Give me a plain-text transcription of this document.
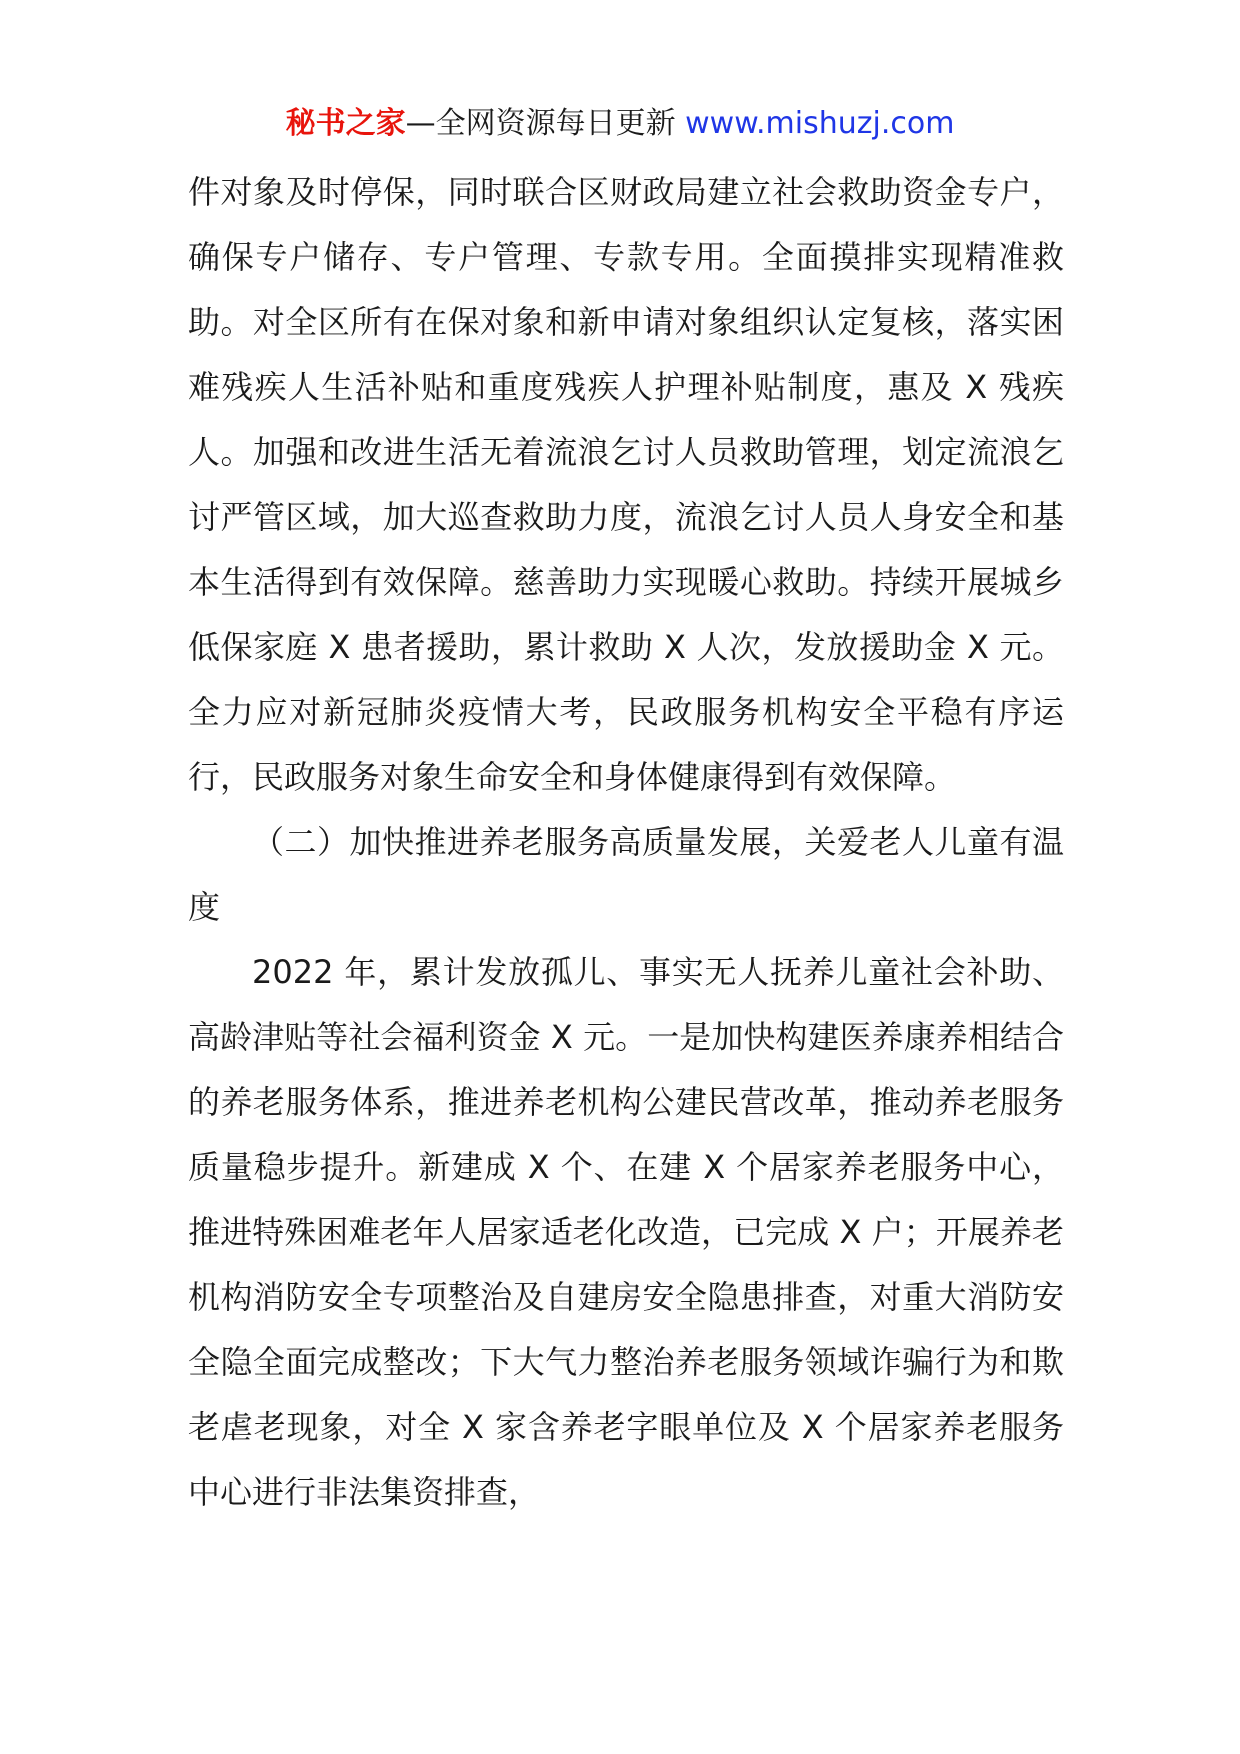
秘书之家—全网资源每日更新 www.mishuzj.com

件对象及时停保，同时联合区财政局建立社会救助资金专户，确保专户储存、专户管理、专款专用。全面摸排实现精准救助。对全区所有在保对象和新申请对象组织认定复核，落实困难残疾人生活补贴和重度残疾人护理补贴制度，惠及 X 残疾人。加强和改进生活无着流浪乞讨人员救助管理，划定流浪乞讨严管区域，加大巡查救助力度，流浪乞讨人员人身安全和基本生活得到有效保障。慈善助力实现暖心救助。持续开展城乡低保家庭 X 患者援助，累计救助 X 人次，发放援助金 X 元。全力应对新冠肺炎疫情大考，民政服务机构安全平稳有序运行，民政服务对象生命安全和身体健康得到有效保障。

（二）加快推进养老服务高质量发展，关爱老人儿童有温度

2022 年，累计发放孤儿、事实无人抚养儿童社会补助、高龄津贴等社会福利资金 X 元。一是加快构建医养康养相结合的养老服务体系，推进养老机构公建民营改革，推动养老服务质量稳步提升。新建成 X 个、在建 X 个居家养老服务中心，推进特殊困难老年人居家适老化改造，已完成 X 户；开展养老机构消防安全专项整治及自建房安全隐患排查，对重大消防安全隐全面完成整改；下大气力整治养老服务领域诈骗行为和欺老虐老现象，对全 X 家含养老字眼单位及 X 个居家养老服务中心进行非法集资排查，
